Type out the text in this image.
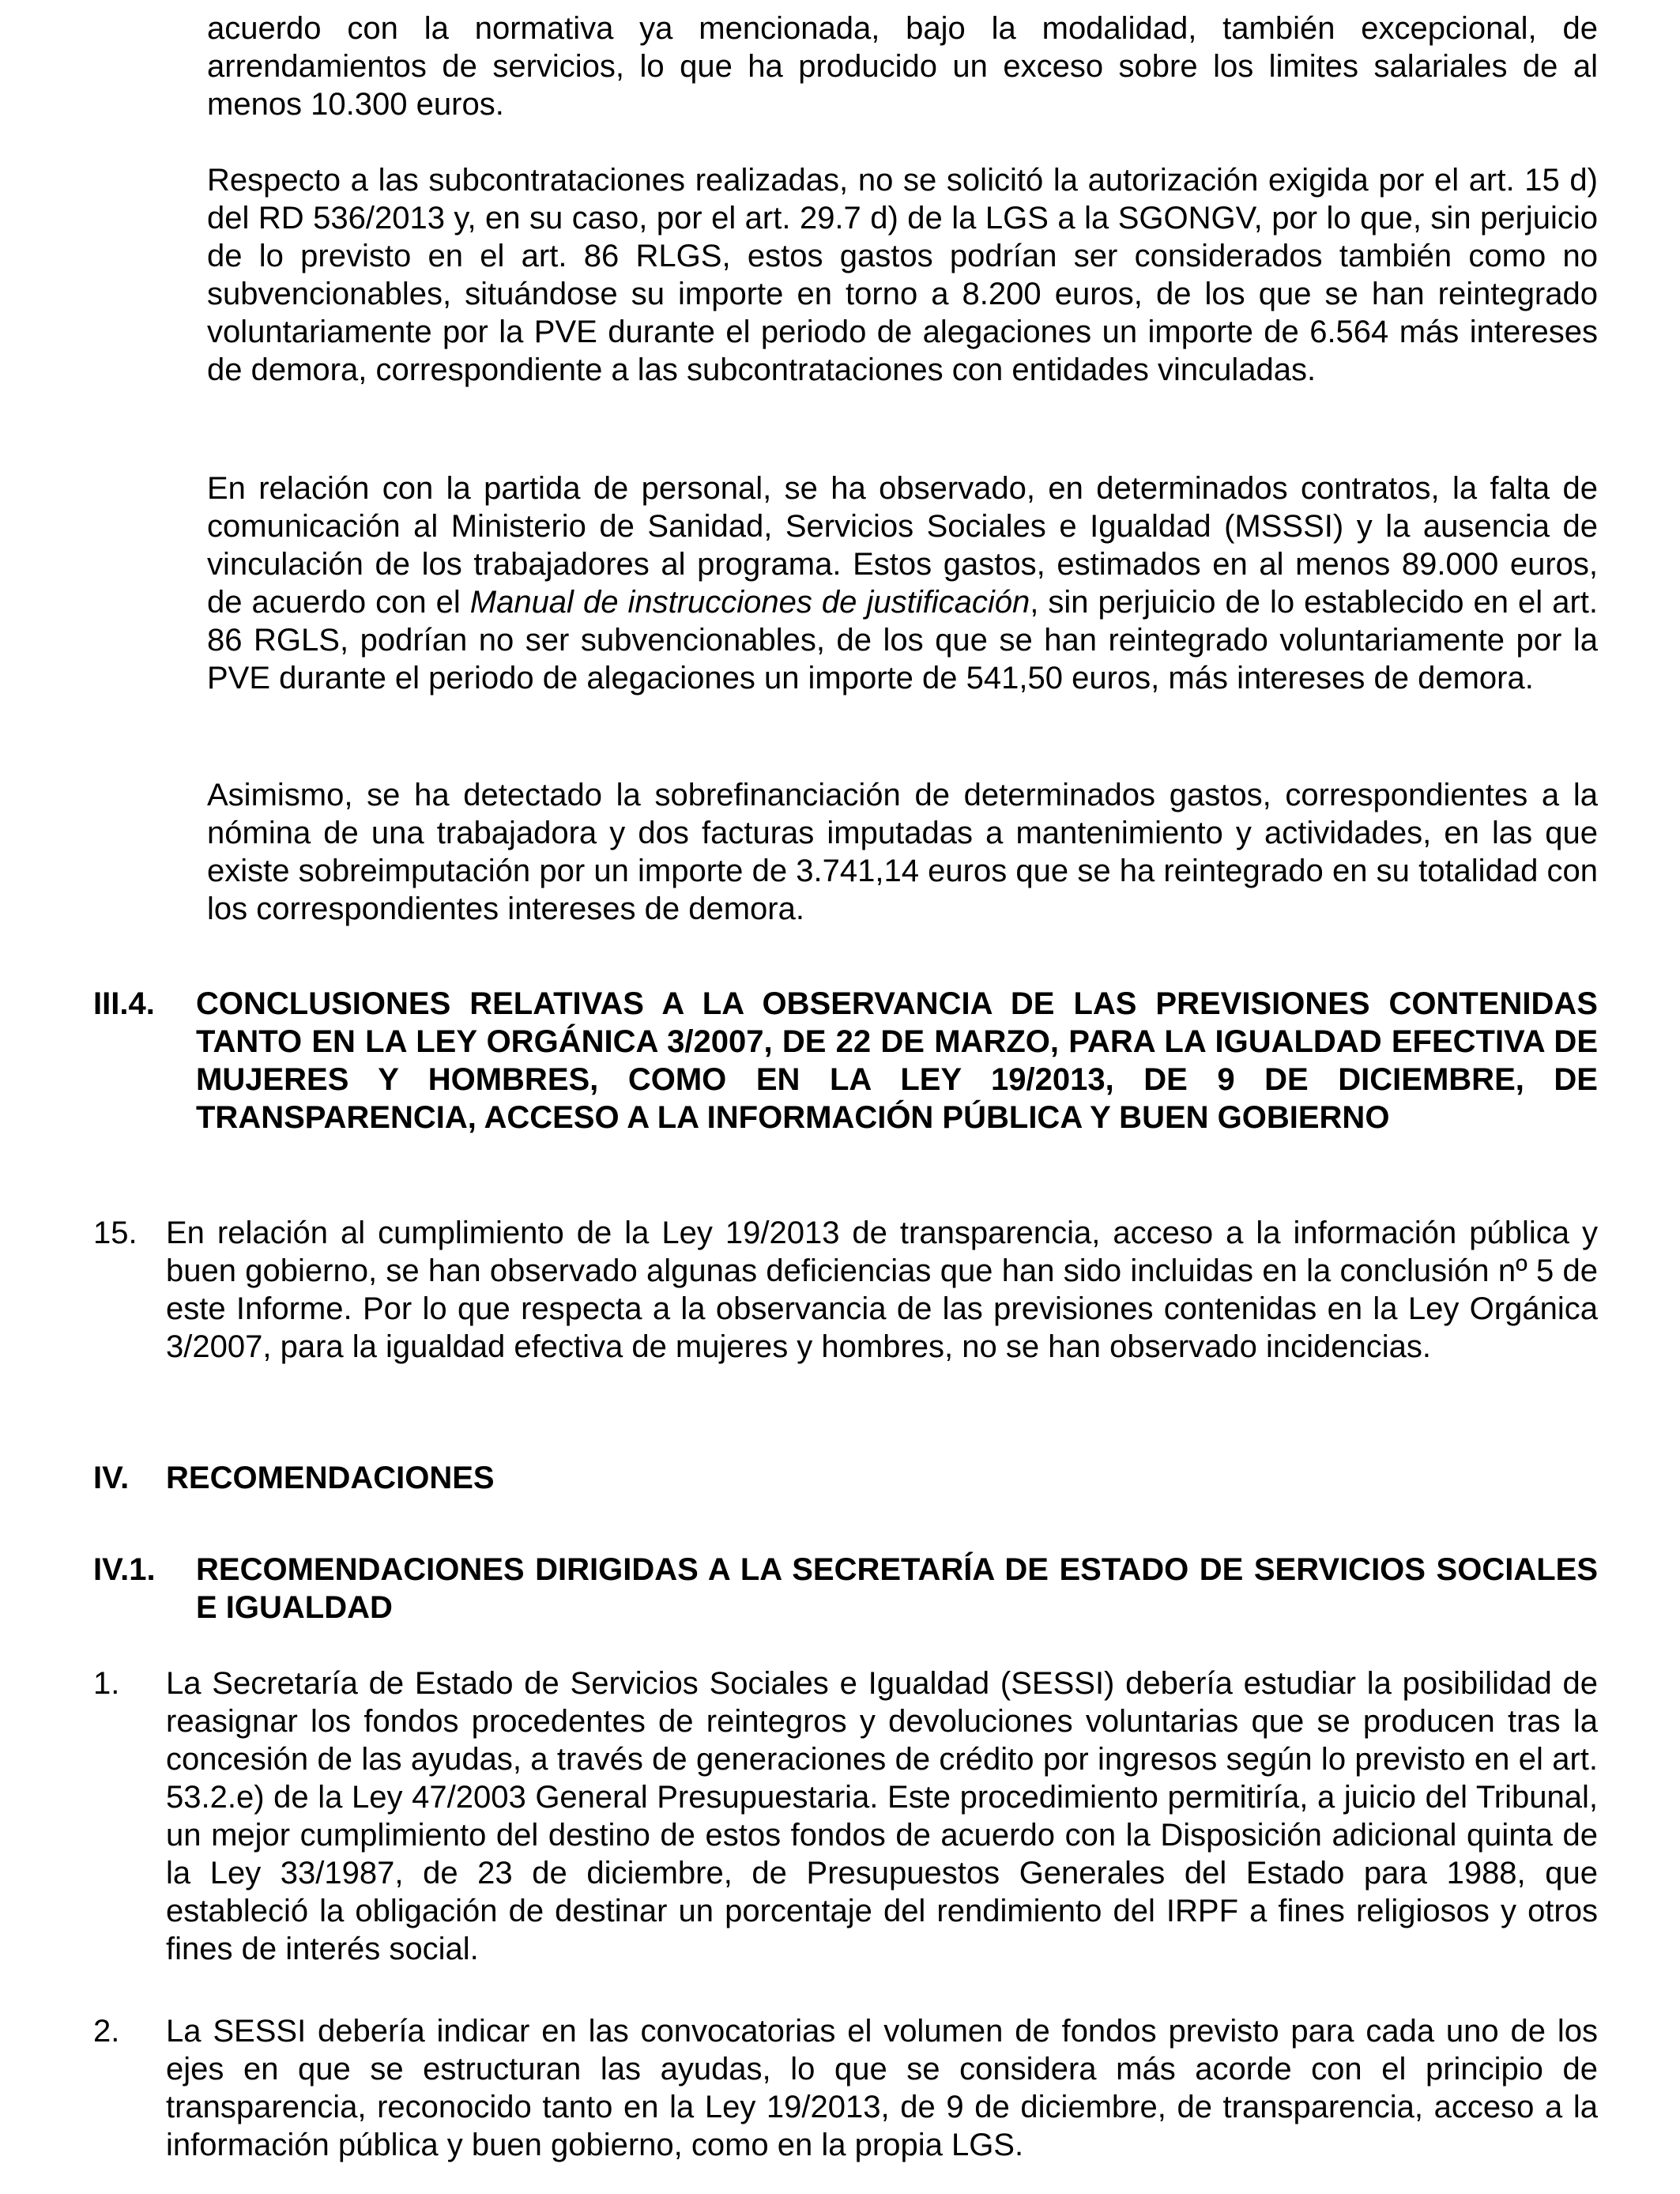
acuerdo con la normativa ya mencionada, bajo la modalidad, también excepcional, de arrendamientos de servicios, lo que ha producido un exceso sobre los limites salariales de al menos 10.300 euros.

Respecto a las subcontrataciones realizadas, no se solicitó la autorización exigida por el art. 15 d) del RD 536/2013 y, en su caso, por el art. 29.7 d) de la LGS a la SGONGV, por lo que, sin perjuicio de lo previsto en el art. 86 RLGS, estos gastos podrían ser considerados también como no subvencionables, situándose su importe en torno a 8.200 euros, de los que se han reintegrado voluntariamente por la PVE durante el periodo de alegaciones un importe de 6.564 más intereses de demora, correspondiente a las subcontrataciones con entidades vinculadas.

En relación con la partida de personal, se ha observado, en determinados contratos, la falta de comunicación al Ministerio de Sanidad, Servicios Sociales e Igualdad (MSSSI) y la ausencia de vinculación de los trabajadores al programa. Estos gastos, estimados en al menos 89.000 euros, de acuerdo con el Manual de instrucciones de justificación, sin perjuicio de lo establecido en el art. 86 RGLS, podrían no ser subvencionables, de los que se han reintegrado voluntariamente por la PVE durante el periodo de alegaciones un importe de 541,50 euros, más intereses de demora.

Asimismo, se ha detectado la sobrefinanciación de determinados gastos, correspondientes a la nómina de una trabajadora y dos facturas imputadas a mantenimiento y actividades, en las que existe sobreimputación por un importe de 3.741,14 euros que se ha reintegrado en su totalidad con los correspondientes intereses de demora.

III.4.	CONCLUSIONES RELATIVAS A LA OBSERVANCIA DE LAS PREVISIONES CONTENIDAS TANTO EN LA LEY ORGÁNICA 3/2007, DE 22 DE MARZO, PARA LA IGUALDAD EFECTIVA DE MUJERES Y HOMBRES, COMO EN LA LEY 19/2013, DE 9 DE DICIEMBRE, DE TRANSPARENCIA, ACCESO A LA INFORMACIÓN PÚBLICA Y BUEN GOBIERNO
15. En relación al cumplimiento de la Ley 19/2013 de transparencia, acceso a la información pública y buen gobierno, se han observado algunas deficiencias que han sido incluidas en la conclusión nº 5 de este Informe. Por lo que respecta a la observancia de las previsiones contenidas en la Ley Orgánica 3/2007, para la igualdad efectiva de mujeres y hombres, no se han observado incidencias.
IV.	RECOMENDACIONES
IV.1.	RECOMENDACIONES DIRIGIDAS A LA SECRETARÍA DE ESTADO DE SERVICIOS SOCIALES E IGUALDAD
1.	La Secretaría de Estado de Servicios Sociales e Igualdad (SESSI) debería estudiar la posibilidad de reasignar los fondos procedentes de reintegros y devoluciones voluntarias que se producen tras la concesión de las ayudas, a través de generaciones de crédito por ingresos según lo previsto en el art. 53.2.e) de la Ley 47/2003 General Presupuestaria. Este procedimiento permitiría, a juicio del Tribunal, un mejor cumplimiento del destino de estos fondos de acuerdo con la Disposición adicional quinta de la Ley 33/1987, de 23 de diciembre, de Presupuestos Generales del Estado para 1988, que estableció la obligación de destinar un porcentaje del rendimiento del IRPF a fines religiosos y otros fines de interés social.
2.	La SESSI debería indicar en las convocatorias el volumen de fondos previsto para cada uno de los ejes en que se estructuran las ayudas, lo que se considera más acorde con el principio de transparencia, reconocido tanto en la Ley 19/2013, de 9 de diciembre, de transparencia, acceso a la información pública y buen gobierno, como en la propia LGS.
